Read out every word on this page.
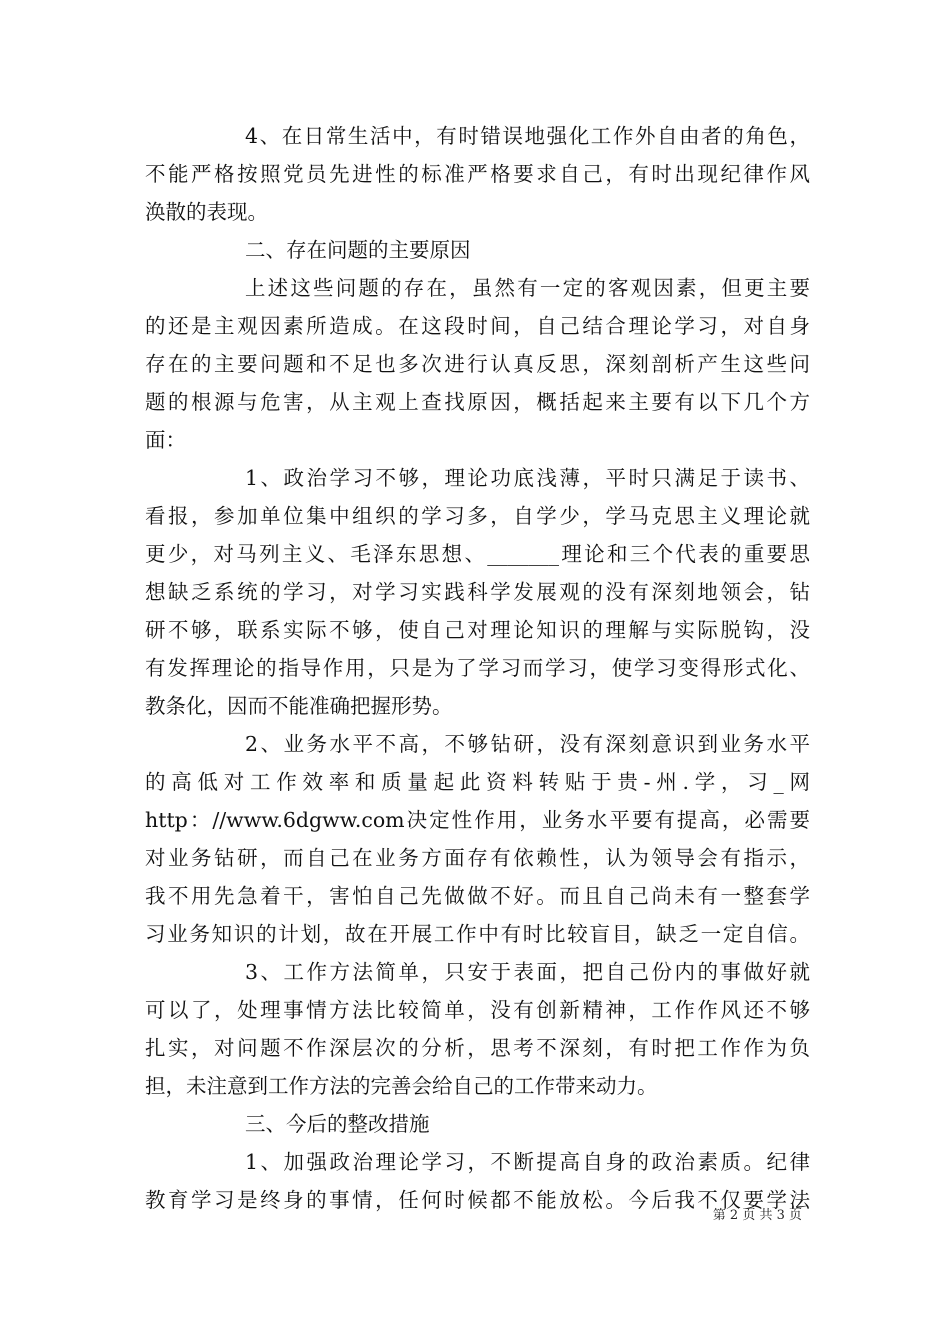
4、在日常生活中，有时错误地强化工作外自由者的角色，
不能严格按照党员先进性的标准严格要求自己，有时出现纪律作风
涣散的表现。
二、存在问题的主要原因
上述这些问题的存在，虽然有一定的客观因素，但更主要
的还是主观因素所造成。在这段时间，自己结合理论学习，对自身
存在的主要问题和不足也多次进行认真反思，深刻剖析产生这些问
题的根源与危害，从主观上查找原因，概括起来主要有以下几个方
面：
1、政治学习不够，理论功底浅薄，平时只满足于读书、
看报，参加单位集中组织的学习多，自学少，学马克思主义理论就
更少，对马列主义、毛泽东思想、_______理论和三个代表的重要思
想缺乏系统的学习，对学习实践科学发展观的没有深刻地领会，钻
研不够，联系实际不够，使自己对理论知识的理解与实际脱钩，没
有发挥理论的指导作用，只是为了学习而学习，使学习变得形式化、
教条化，因而不能准确把握形势。
2、业务水平不高，不够钻研，没有深刻意识到业务水平
的高低对工作效率和质量起此资料转贴于贵-州.学，习_网
http：//www.6dgww.com决定性作用，业务水平要有提高，必需要
对业务钻研，而自己在业务方面存有依赖性，认为领导会有指示，
我不用先急着干，害怕自己先做做不好。而且自己尚未有一整套学
习业务知识的计划，故在开展工作中有时比较盲目，缺乏一定自信。
3、工作方法简单，只安于表面，把自己份内的事做好就
可以了，处理事情方法比较简单，没有创新精神，工作作风还不够
扎实，对问题不作深层次的分析，思考不深刻，有时把工作作为负
担，未注意到工作方法的完善会给自己的工作带来动力。
三、今后的整改措施
1、加强政治理论学习，不断提高自身的政治素质。纪律
教育学习是终身的事情，任何时候都不能放松。今后我不仅要学法
第 2 页 共 3 页
